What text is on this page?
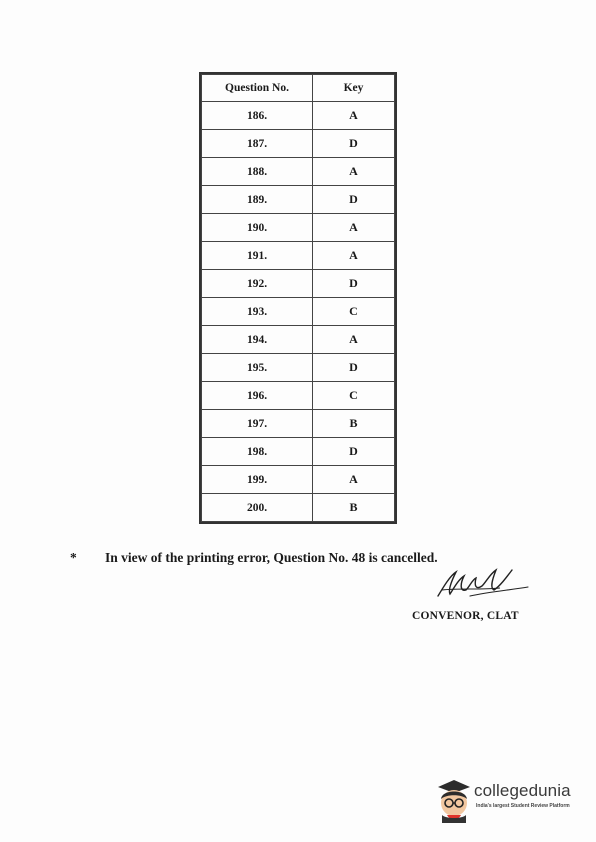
Question No.	Key
186.	A
187.	D
188.	A
189.	D
190.	A
191.	A
192.	D
193.	C
194.	A
195.	D
196.	C
197.	B
198.	D
199.	A
200.	B
* In view of the printing error, Question No. 48 is cancelled.
CONVENOR, CLAT
collegedunia
India's largest Student Review Platform
